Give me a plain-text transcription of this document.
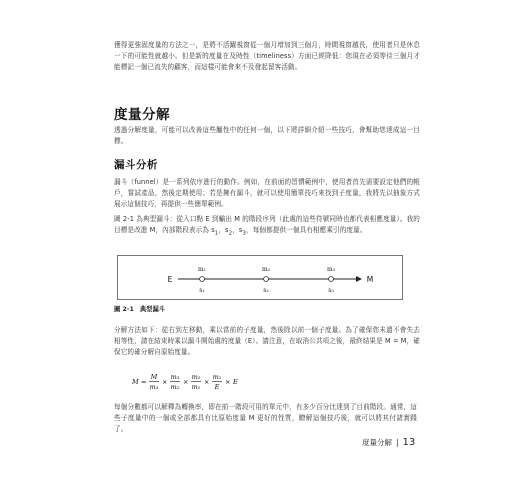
獲得更強固度量的方法之一，是將不活躍視窗從一個月增加到三個月，時間視窗越長，使用者只是休息一下的可能性就越小。但是新的度量在及時性（timeliness）方面已經降低：您現在必須等待三個月才能標記一個已流失的顧客，而這樣可能會來不及發起留客活動。
度量分解
透過分解度量，可能可以改善這些屬性中的任何一個，以下將詳細介紹一些技巧，會幫助您達成這一目標。
漏斗分析
漏斗（funnel）是一系列依序進行的動作。例如，在前面的習慣範例中，使用者首先需要設定他們的帳戶，嘗試產品，然後定期使用；若是擁有漏斗，就可以使用簡單技巧來找到子度量，我將先以抽象方式展示這個技巧，再提供一些簡單範例。
圖 2-1 為典型漏斗：從入口點 E 到輸出 M 的階段序列（此處的這些符號同時也都代表相應度量）。我的目標是改進 M，內部階段表示為 $s_1$，$s_2$，$s_3$，每個都提供一個具有相應乘引的度量。
E	M
m₁
s₁
m₂
s₂
m₃
s₃
圖 2-1 典型漏斗
分解方法如下：從右到左移動，乘以當前的子度量，然後除以前一個子度量。為了確保您未遺不會失去相等性，請在結束時乘以漏斗開始處的度量（E）。請注意，在取消公共項之後，最終結果是 M = M，確保它的確分解自原始度量。
M =
M
m₃
×
m₃
m₂
×
m₂
m₁
×
m₁
E
× E
每個分數都可以解釋為轉換率，即在前一階段可用的單元中，有多少百分比達到了目前階段。通常，這些子度量中的一個或全部都具有比原始度量 M 更好的性質，瞭解這個技巧後，就可以將其付諸實踐了。
度量分解 | 13
